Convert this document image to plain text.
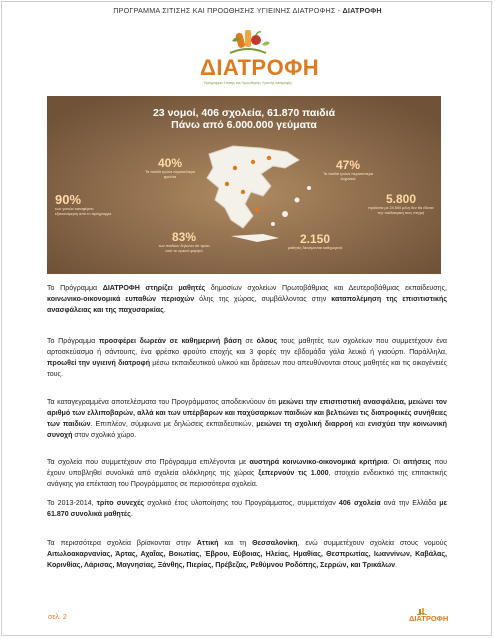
ΠΡΟΓΡΑΜΜΑ ΣΙΤΙΣΗΣ ΚΑΙ ΠΡΟΩΘΗΣΗΣ ΥΓΙΕΙΝΗΣ ΔΙΑΤΡΟΦΗΣ - ΔΙΑΤΡΟΦΗ
ΔΙΑΤΡΟΦΗ
Πρόγραμμα Σίτισης και Προώθησης Υγιεινής Διατροφής
23 νομοί, 406 σχολεία, 61.870 παιδιά
Πάνω από 6.000.000 γεύματα
40%
Τα παιδιά τρώνε περισσότερα φρούτα
47%
Τα παιδιά τρώνε περισσότερα λαχανικά
90%
των γονιών καταφέρνει εξοικονόμηση από το πρόγραμμα
5.800
προϊόντα με 24.500 μέλη δεν θα έδιναν την παιδιατρική τους στιγμή
83%
των παιδιών δηλώνει ότι τρώει από το υγιεινό φαγητό
2.150
μαθητές διανέμονται καθημερινά
Το Πρόγραμμα ΔΙΑΤΡΟΦΗ στηρίζει μαθητές δημοσίων σχολείων Πρωτοβάθμιας και Δευτεροβάθμιας εκπαίδευσης, κοινωνικο-οικονομικά ευπαθών περιοχών όλης της χώρας, συμβάλλοντας στην καταπολέμηση της επισιτιστικής ανασφάλειας και της παχυσαρκίας.
Το Πρόγραμμα προσφέρει δωρεάν σε καθημερινή βάση σε όλους τους μαθητές των σχολείων που συμμετέχουν ένα αρτοσκεύασμα ή σάντουιτς, ένα φρέσκο φρούτο εποχής και 3 φορές την εβδομάδα γάλα λευκό ή γιαούρτι. Παράλληλα, προωθεί την υγιεινή διατροφή μέσω εκπαιδευτικού υλικού και δράσεων που απευθύνονται στους μαθητές και τις οικογένειές τους.
Τα καταγεγραμμένα αποτελέσματα του Προγράμματος αποδεικνύουν ότι μειώνει την επισιτιστική ανασφάλεια, μειώνει τον αριθμό των ελλιποβαρών, αλλά και των υπέρβαρων και παχύσαρκων παιδιών και βελτιώνει τις διατροφικές συνήθειες των παιδιών. Επιπλέον, σύμφωνα με δηλώσεις εκπαιδευτικών, μειώνει τη σχολική διαρροή και ενισχύει την κοινωνική συνοχή στον σχολικό χώρο.
Τα σχολεία που συμμετέχουν στο Πρόγραμμα επιλέγονται με αυστηρά κοινωνικο-οικονομικά κριτήρια. Οι αιτήσεις που έχουν υποβληθεί συνολικά από σχολεία ολόκληρης της χώρας ξεπερνούν τις 1.000, στοιχείο ενδεικτικό της επιτακτικής ανάγκης για επέκταση του Προγράμματος σε περισσότερα σχολεία.
Το 2013-2014, τρίτο συνεχές σχολικό έτος υλοποίησης του Προγράμματος, συμμετείχαν 406 σχολεία ανά την Ελλάδα με 61.870 συνολικά μαθητές.
Τα περισσότερα σχολεία βρίσκονται στην Αττική και τη Θεσσαλονίκη, ενώ συμμετέχουν σχολεία στους νομούς Αιτωλοακαρνανίας, Άρτας, Αχαΐας, Βοιωτίας, Έβρου, Εύβοιας, Ηλείας, Ημαθίας, Θεσπρωτίας, Ιωαννίνων, Καβάλας, Κορινθίας, Λάρισας, Μαγνησίας, Ξάνθης, Πιερίας, Πρέβεζας, Ρεθύμνου Ροδόπης, Σερρών, και Τρικάλων.
σελ. 2	ΔΙΑΤΡΟΦΗ
